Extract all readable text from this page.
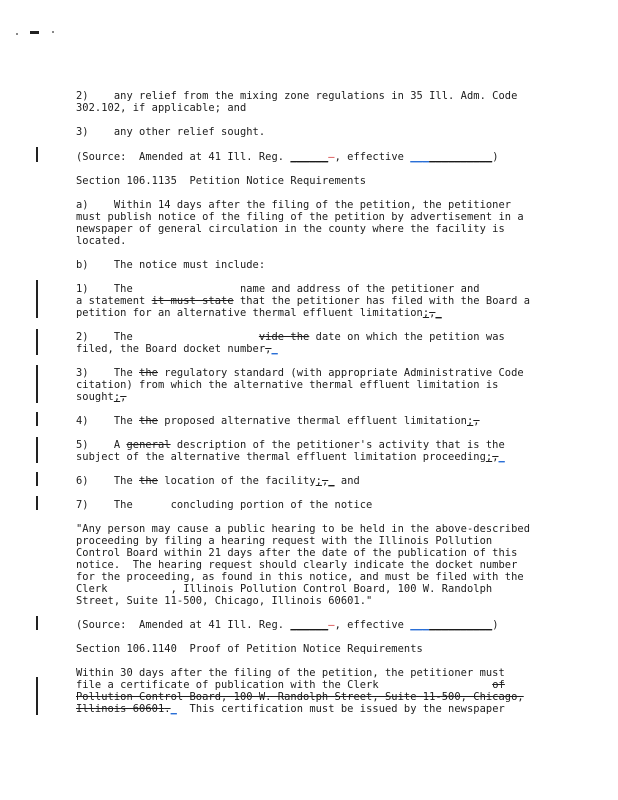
2)    any relief from the mixing zone regulations in 35 Ill. Adm. Code
302.102, if applicable; and
3)    any other relief sought.
(Source:  Amended at 41 Ill. Reg. ______—, effective _____________)
Section 106.1135  Petition Notice Requirements
a)    Within 14 days after the filing of the petition, the petitioner
must publish notice of the filing of the petition by advertisement in a
newspaper of general circulation in the county where the facility is
located.
b)    The notice must include:
1)    The                 name and address of the petitioner and
a statement it must state that the petitioner has filed with the Board a
petition for an alternative thermal effluent limitation;,_
2)    The                    vide the date on which the petition was
filed, the Board docket number,_
3)    The the regulatory standard (with appropriate Administrative Code
citation) from which the alternative thermal effluent limitation is
sought;,
4)    The the proposed alternative thermal effluent limitation;,
5)    A general description of the petitioner's activity that is the
subject of the alternative thermal effluent limitation proceeding;,_
6)    The the location of the facility;,_ and
7)    The      concluding portion of the notice
"Any person may cause a public hearing to be held in the above-described
proceeding by filing a hearing request with the Illinois Pollution
Control Board within 21 days after the date of the publication of this
notice.  The hearing request should clearly indicate the docket number
for the proceeding, as found in this notice, and must be filed with the
Clerk          , Illinois Pollution Control Board, 100 W. Randolph
Street, Suite 11-500, Chicago, Illinois 60601."
(Source:  Amended at 41 Ill. Reg. ______—, effective _____________)
Section 106.1140  Proof of Petition Notice Requirements
Within 30 days after the filing of the petition, the petitioner must
file a certificate of publication with the Clerk                  of
Pollution Control Board, 100 W. Randolph Street, Suite 11-500, Chicago,
Illinois 60601._  This certification must be issued by the newspaper
